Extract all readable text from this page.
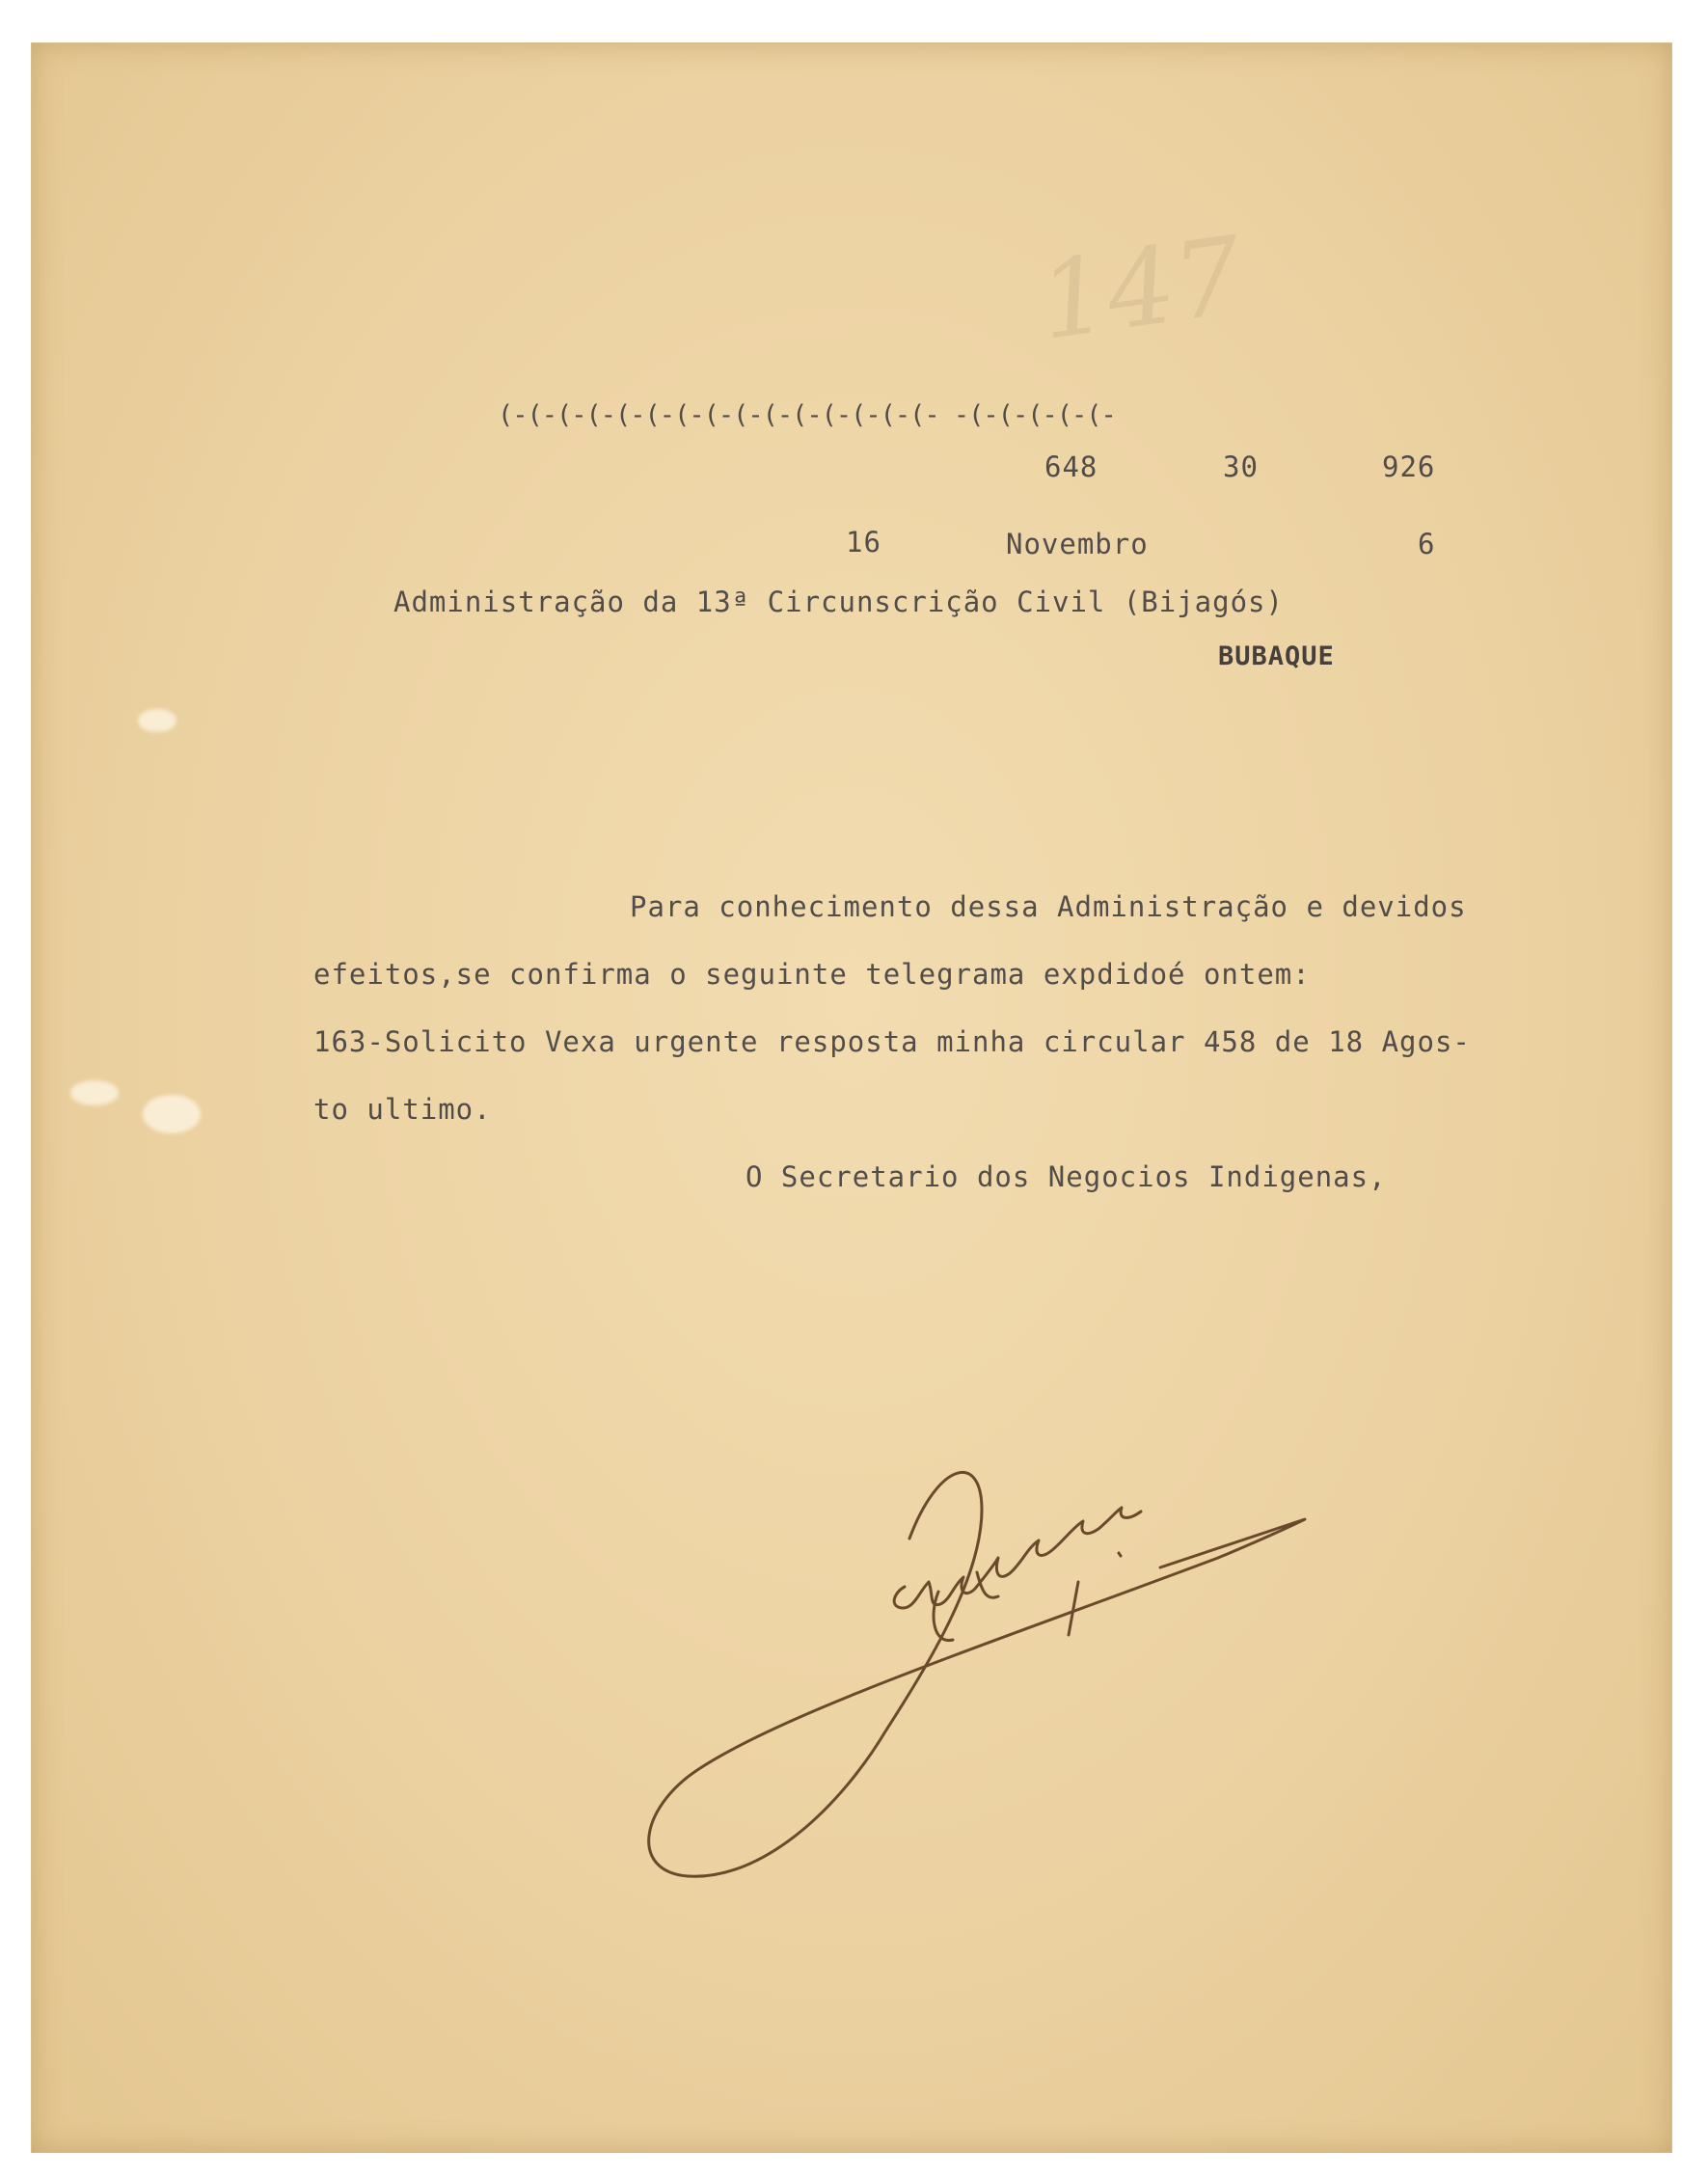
147
(-(-(-(-(-(-(-(-(-(-(-(-(-(-(- -(-(-(-(-(-
648	30	926
16	Novembro	6
Administração da 13ª Circunscrição Civil (Bijagós)
BUBAQUE
Para conhecimento dessa Administração e devidos
efeitos,se confirma o seguinte telegrama expdidoé ontem:
163-Solicito Vexa urgente resposta minha circular 458 de 18 Agos-
to ultimo.
O Secretario dos Negocios Indigenas,
